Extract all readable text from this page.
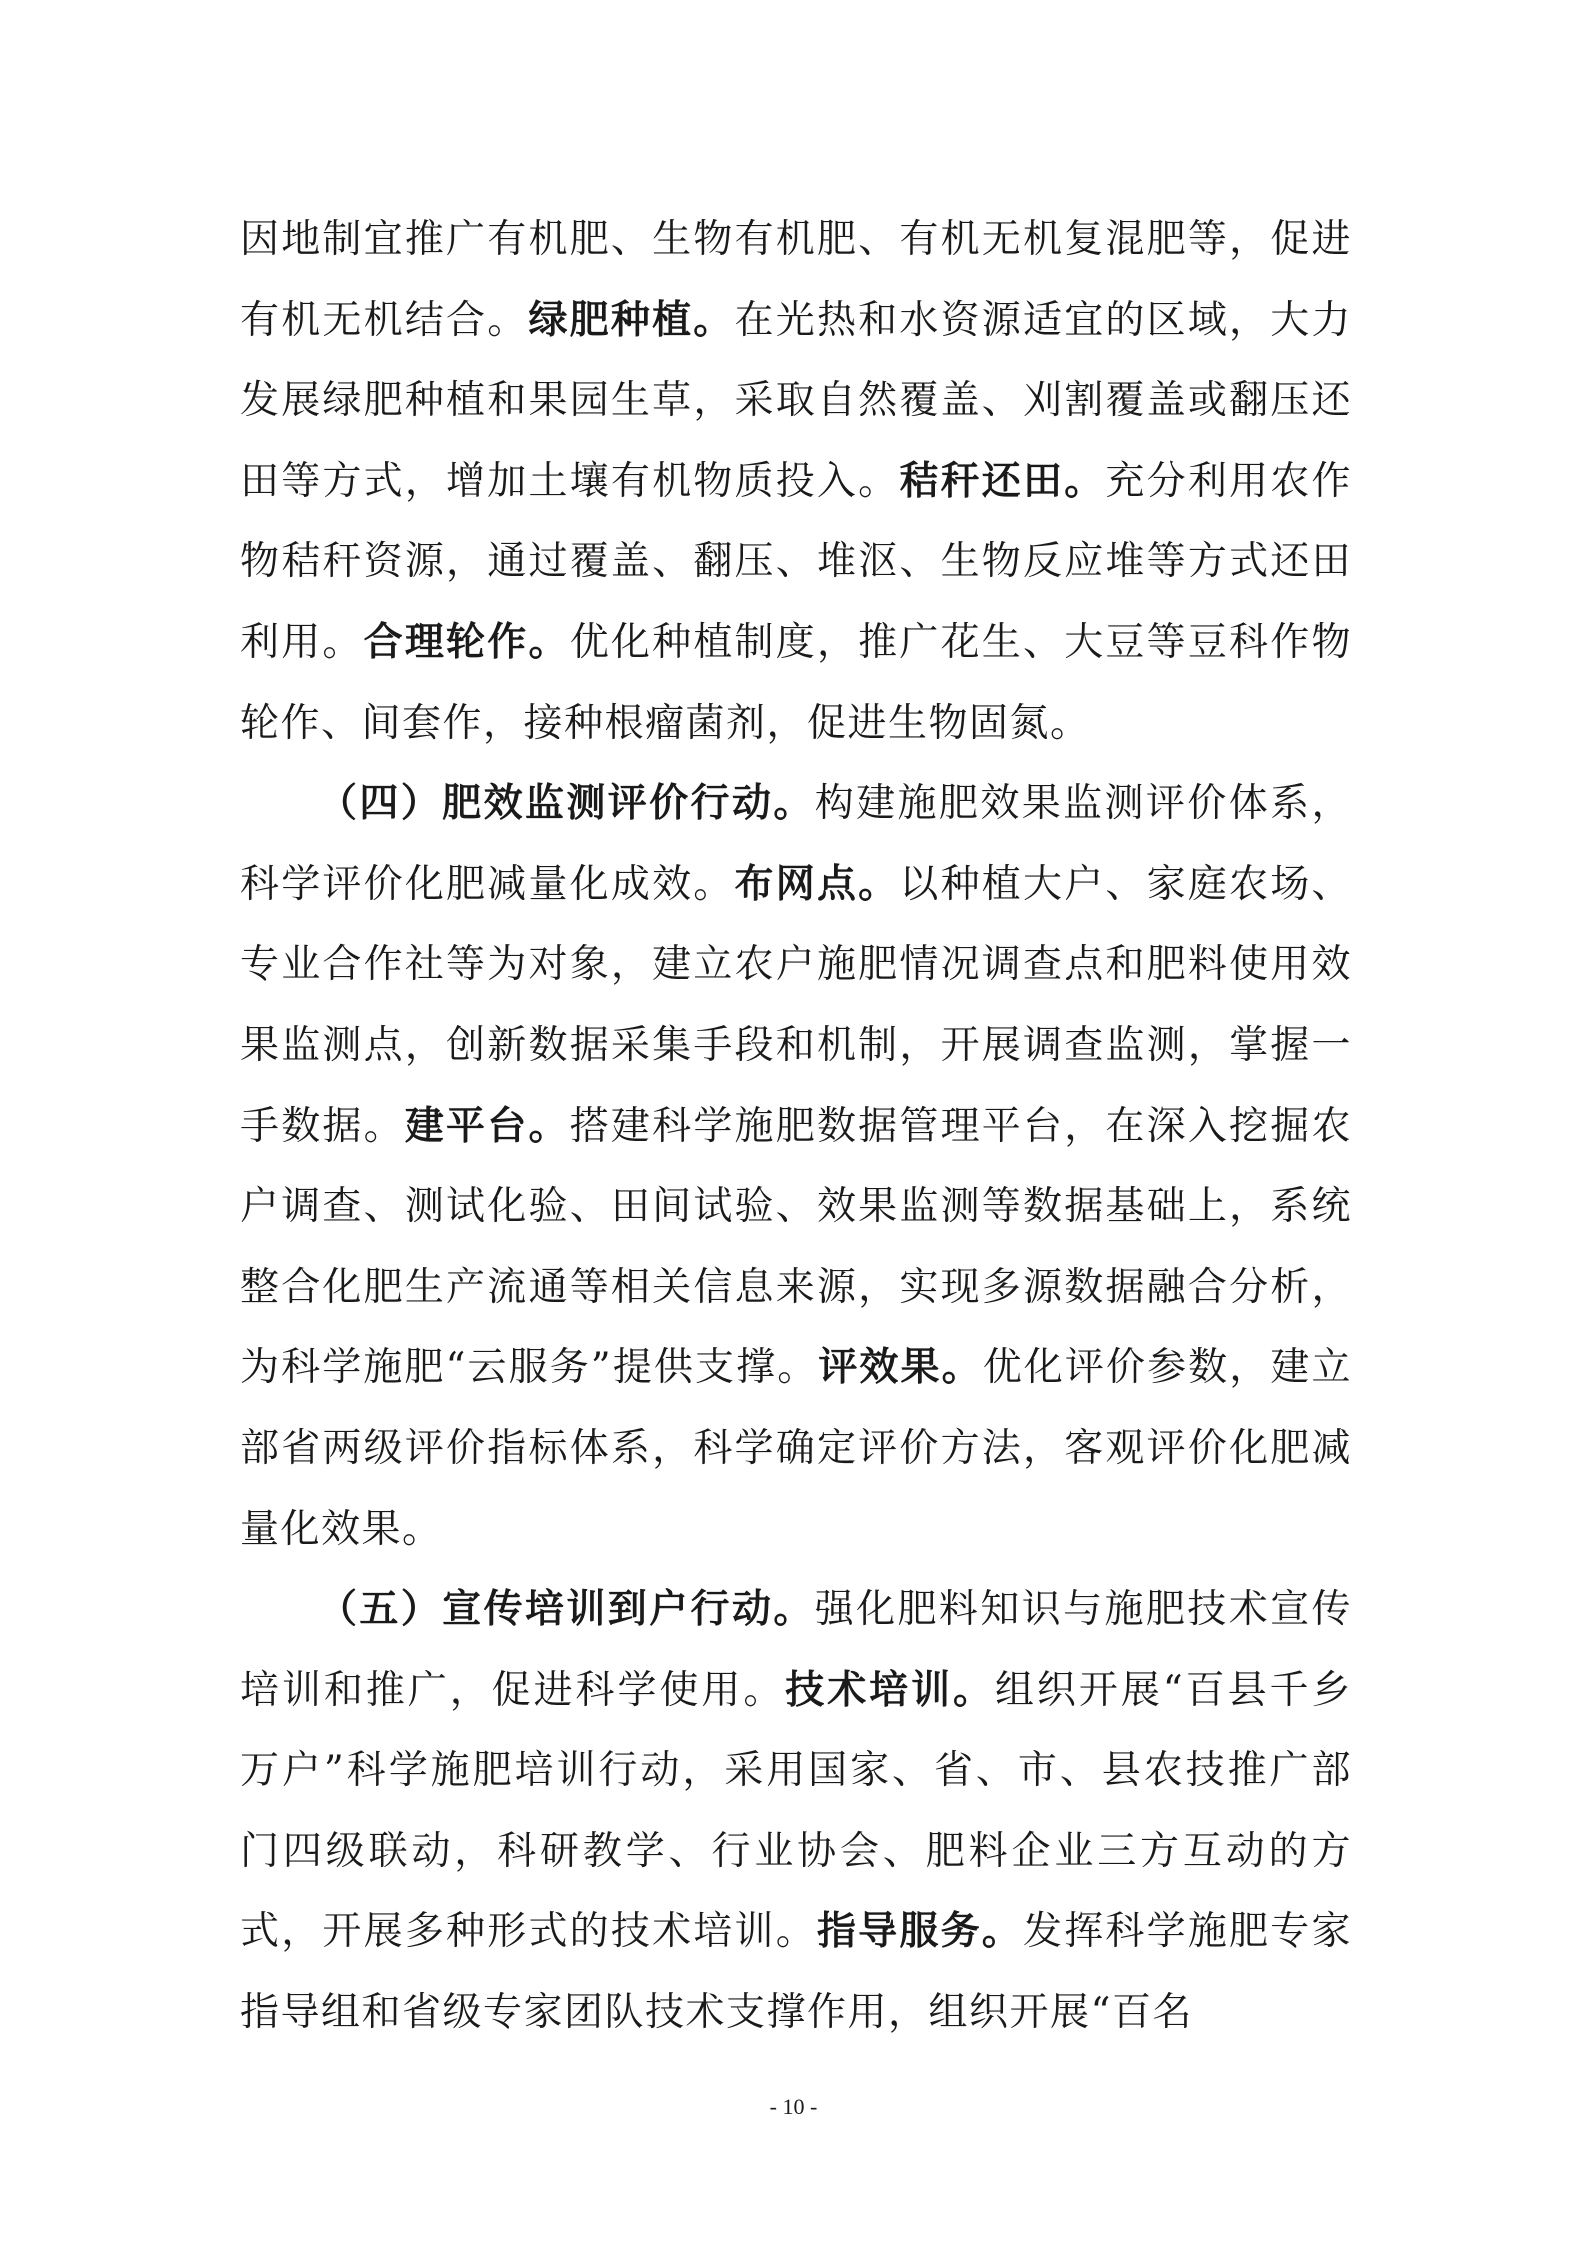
因地制宜推广有机肥、生物有机肥、有机无机复混肥等，促进有机无机结合。绿肥种植。在光热和水资源适宜的区域，大力发展绿肥种植和果园生草，采取自然覆盖、刈割覆盖或翻压还田等方式，增加土壤有机物质投入。秸秆还田。充分利用农作物秸秆资源，通过覆盖、翻压、堆沤、生物反应堆等方式还田利用。合理轮作。优化种植制度，推广花生、大豆等豆科作物轮作、间套作，接种根瘤菌剂，促进生物固氮。

（四）肥效监测评价行动。构建施肥效果监测评价体系，科学评价化肥减量化成效。布网点。以种植大户、家庭农场、专业合作社等为对象，建立农户施肥情况调查点和肥料使用效果监测点，创新数据采集手段和机制，开展调查监测，掌握一手数据。建平台。搭建科学施肥数据管理平台，在深入挖掘农户调查、测试化验、田间试验、效果监测等数据基础上，系统整合化肥生产流通等相关信息来源，实现多源数据融合分析，为科学施肥“云服务”提供支撑。评效果。优化评价参数，建立部省两级评价指标体系，科学确定评价方法，客观评价化肥减量化效果。

（五）宣传培训到户行动。强化肥料知识与施肥技术宣传培训和推广，促进科学使用。技术培训。组织开展“百县千乡万户”科学施肥培训行动，采用国家、省、市、县农技推广部门四级联动，科研教学、行业协会、肥料企业三方互动的方式，开展多种形式的技术培训。指导服务。发挥科学施肥专家指导组和省级专家团队技术支撑作用，组织开展“百名

- 10 -
